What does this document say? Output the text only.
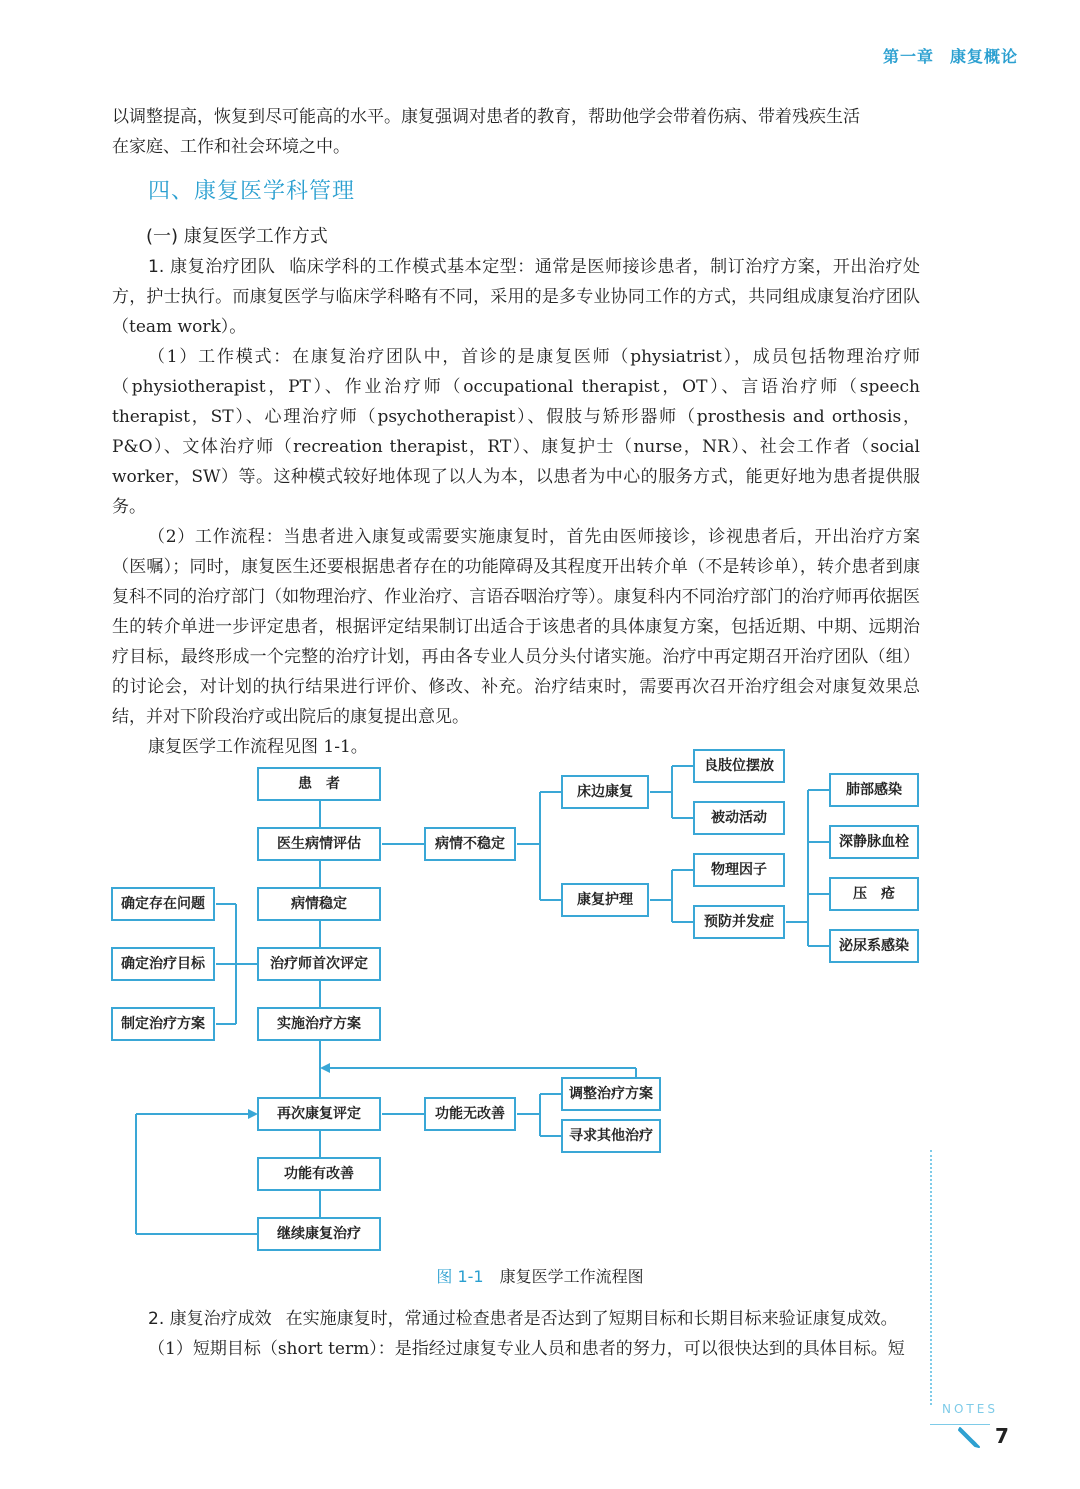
第一章 康复概论

以调整提高，恢复到尽可能高的水平。康复强调对患者的教育，帮助他学会带着伤病、带着残疾生活

在家庭、工作和社会环境之中。

四、康复医学科管理
(一) 康复医学工作方式

1. 康复治疗团队 临床学科的工作模式基本定型：通常是医师接诊患者，制订治疗方案，开出治疗处方，护士执行。而康复医学与临床学科略有不同，采用的是多专业协同工作的方式，共同组成康复治疗团队（team work）。

（1）工作模式：在康复治疗团队中，首诊的是康复医师（physiatrist），成员包括物理治疗师（physiotherapist，PT）、作业治疗师（occupational therapist，OT）、言语治疗师（speech therapist，ST）、心理治疗师（psychotherapist）、假肢与矫形器师（prosthesis and orthosis，P&O）、文体治疗师（recreation therapist，RT）、康复护士（nurse，NR）、社会工作者（social worker，SW）等。这种模式较好地体现了以人为本，以患者为中心的服务方式，能更好地为患者提供服务。

（2）工作流程：当患者进入康复或需要实施康复时，首先由医师接诊，诊视患者后，开出治疗方案（医嘱）；同时，康复医生还要根据患者存在的功能障碍及其程度开出转介单（不是转诊单），转介患者到康复科不同的治疗部门（如物理治疗、作业治疗、言语吞咽治疗等）。康复科内不同治疗部门的治疗师再依据医生的转介单进一步评定患者，根据评定结果制订出适合于该患者的具体康复方案，包括近期、中期、远期治疗目标，最终形成一个完整的治疗计划，再由各专业人员分头付诸实施。治疗中再定期召开治疗团队（组）的讨论会，对计划的执行结果进行评价、修改、补充。治疗结束时，需要再次召开治疗组会对康复效果总结，并对下阶段治疗或出院后的康复提出意见。

康复医学工作流程见图 1-1。

患　者
医生病情评估
病情稳定
治疗师首次评定
实施治疗方案
再次康复评定
功能有改善
继续康复治疗
确定存在问题
确定治疗目标
制定治疗方案
病情不稳定
床边康复
康复护理
良肢位摆放
被动活动
物理因子
预防并发症
肺部感染
深静脉血栓
压　疮
泌尿系感染
功能无改善
调整治疗方案
寻求其他治疗
图 1-1 康复医学工作流程图

2. 康复治疗成效 在实施康复时，常通过检查患者是否达到了短期目标和长期目标来验证康复成效。

（1）短期目标（short term）：是指经过康复专业人员和患者的努力，可以很快达到的具体目标。短

NOTES
7
